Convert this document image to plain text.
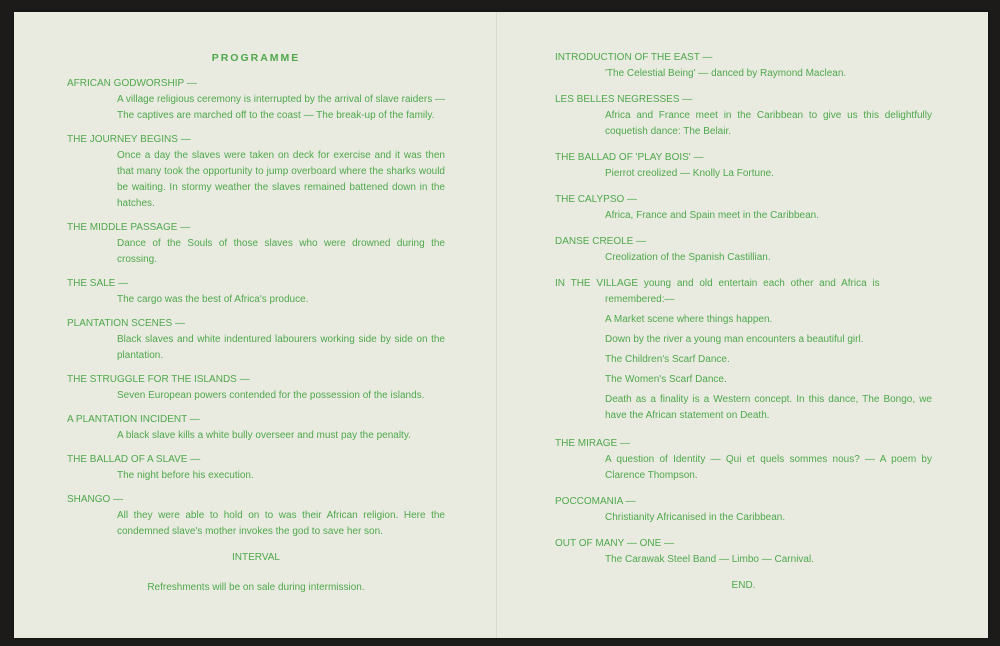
PROGRAMME
AFRICAN GODWORSHIP —
A village religious ceremony is interrupted by the arrival of slave raiders — The captives are marched off to the coast — The break-up of the family.
THE JOURNEY BEGINS —
Once a day the slaves were taken on deck for exercise and it was then that many took the opportunity to jump overboard where the sharks would be waiting. In stormy weather the slaves remained battened down in the hatches.
THE MIDDLE PASSAGE —
Dance of the Souls of those slaves who were drowned during the crossing.
THE SALE —
The cargo was the best of Africa's produce.
PLANTATION SCENES —
Black slaves and white indentured labourers working side by side on the plantation.
THE STRUGGLE FOR THE ISLANDS —
Seven European powers contended for the possession of the islands.
A PLANTATION INCIDENT —
A black slave kills a white bully overseer and must pay the penalty.
THE BALLAD OF A SLAVE —
The night before his execution.
SHANGO —
All they were able to hold on to was their African religion. Here the condemned slave's mother invokes the god to save her son.
INTERVAL
Refreshments will be on sale during intermission.
INTRODUCTION OF THE EAST —
'The Celestial Being' — danced by Raymond Maclean.
LES BELLES NEGRESSES —
Africa and France meet in the Caribbean to give us this delightfully coquetish dance: The Belair.
THE BALLAD OF 'PLAY BOIS' —
Pierrot creolized — Knolly La Fortune.
THE CALYPSO —
Africa, France and Spain meet in the Caribbean.
DANSE CREOLE —
Creolization of the Spanish Castillian.
IN THE VILLAGE young and old entertain each other and Africa is
remembered:—
A Market scene where things happen.
Down by the river a young man encounters a beautiful girl.
The Children's Scarf Dance.
The Women's Scarf Dance.
Death as a finality is a Western concept. In this dance, The Bongo, we have the African statement on Death.
THE MIRAGE —
A question of Identity — Qui et quels sommes nous? — A poem by Clarence Thompson.
POCCOMANIA —
Christianity Africanised in the Caribbean.
OUT OF MANY — ONE —
The Carawak Steel Band — Limbo — Carnival.
END.
